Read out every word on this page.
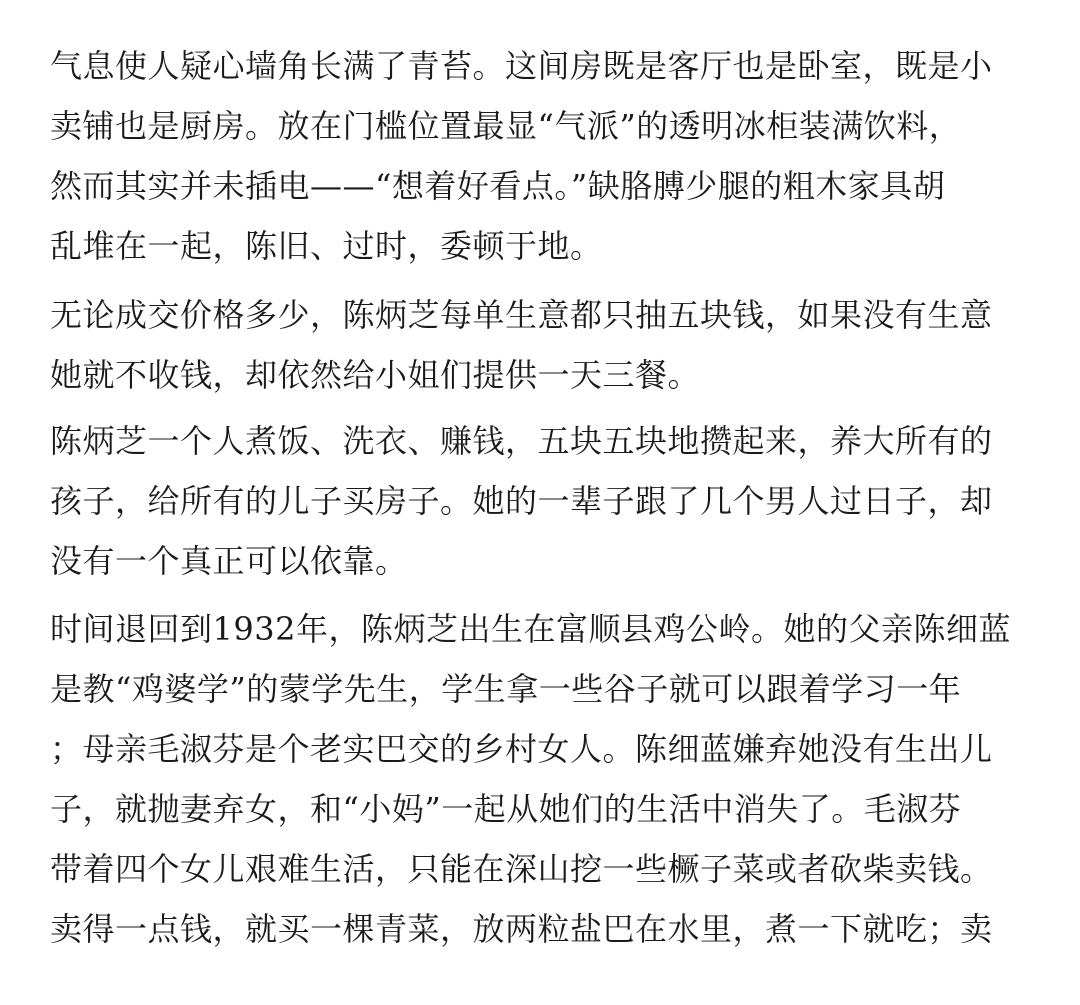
气息使人疑心墙角长满了青苔。这间房既是客厅也是卧室，既是小
卖铺也是厨房。放在门槛位置最显“气派”的透明冰柜装满饮料，
然而其实并未插电——“想着好看点。”缺胳膊少腿的粗木家具胡
乱堆在一起，陈旧、过时，委顿于地。
无论成交价格多少，陈炳芝每单生意都只抽五块钱，如果没有生意
她就不收钱，却依然给小姐们提供一天三餐。
陈炳芝一个人煮饭、洗衣、赚钱，五块五块地攒起来，养大所有的
孩子，给所有的儿子买房子。她的一辈子跟了几个男人过日子，却
没有一个真正可以依靠。
时间退回到1932年，陈炳芝出生在富顺县鸡公岭。她的父亲陈细蓝
是教“鸡婆学”的蒙学先生，学生拿一些谷子就可以跟着学习一年
；母亲毛淑芬是个老实巴交的乡村女人。陈细蓝嫌弃她没有生出儿
子，就抛妻弃女，和“小妈”一起从她们的生活中消失了。毛淑芬
带着四个女儿艰难生活，只能在深山挖一些橛子菜或者砍柴卖钱。
卖得一点钱，就买一棵青菜，放两粒盐巴在水里，煮一下就吃；卖
